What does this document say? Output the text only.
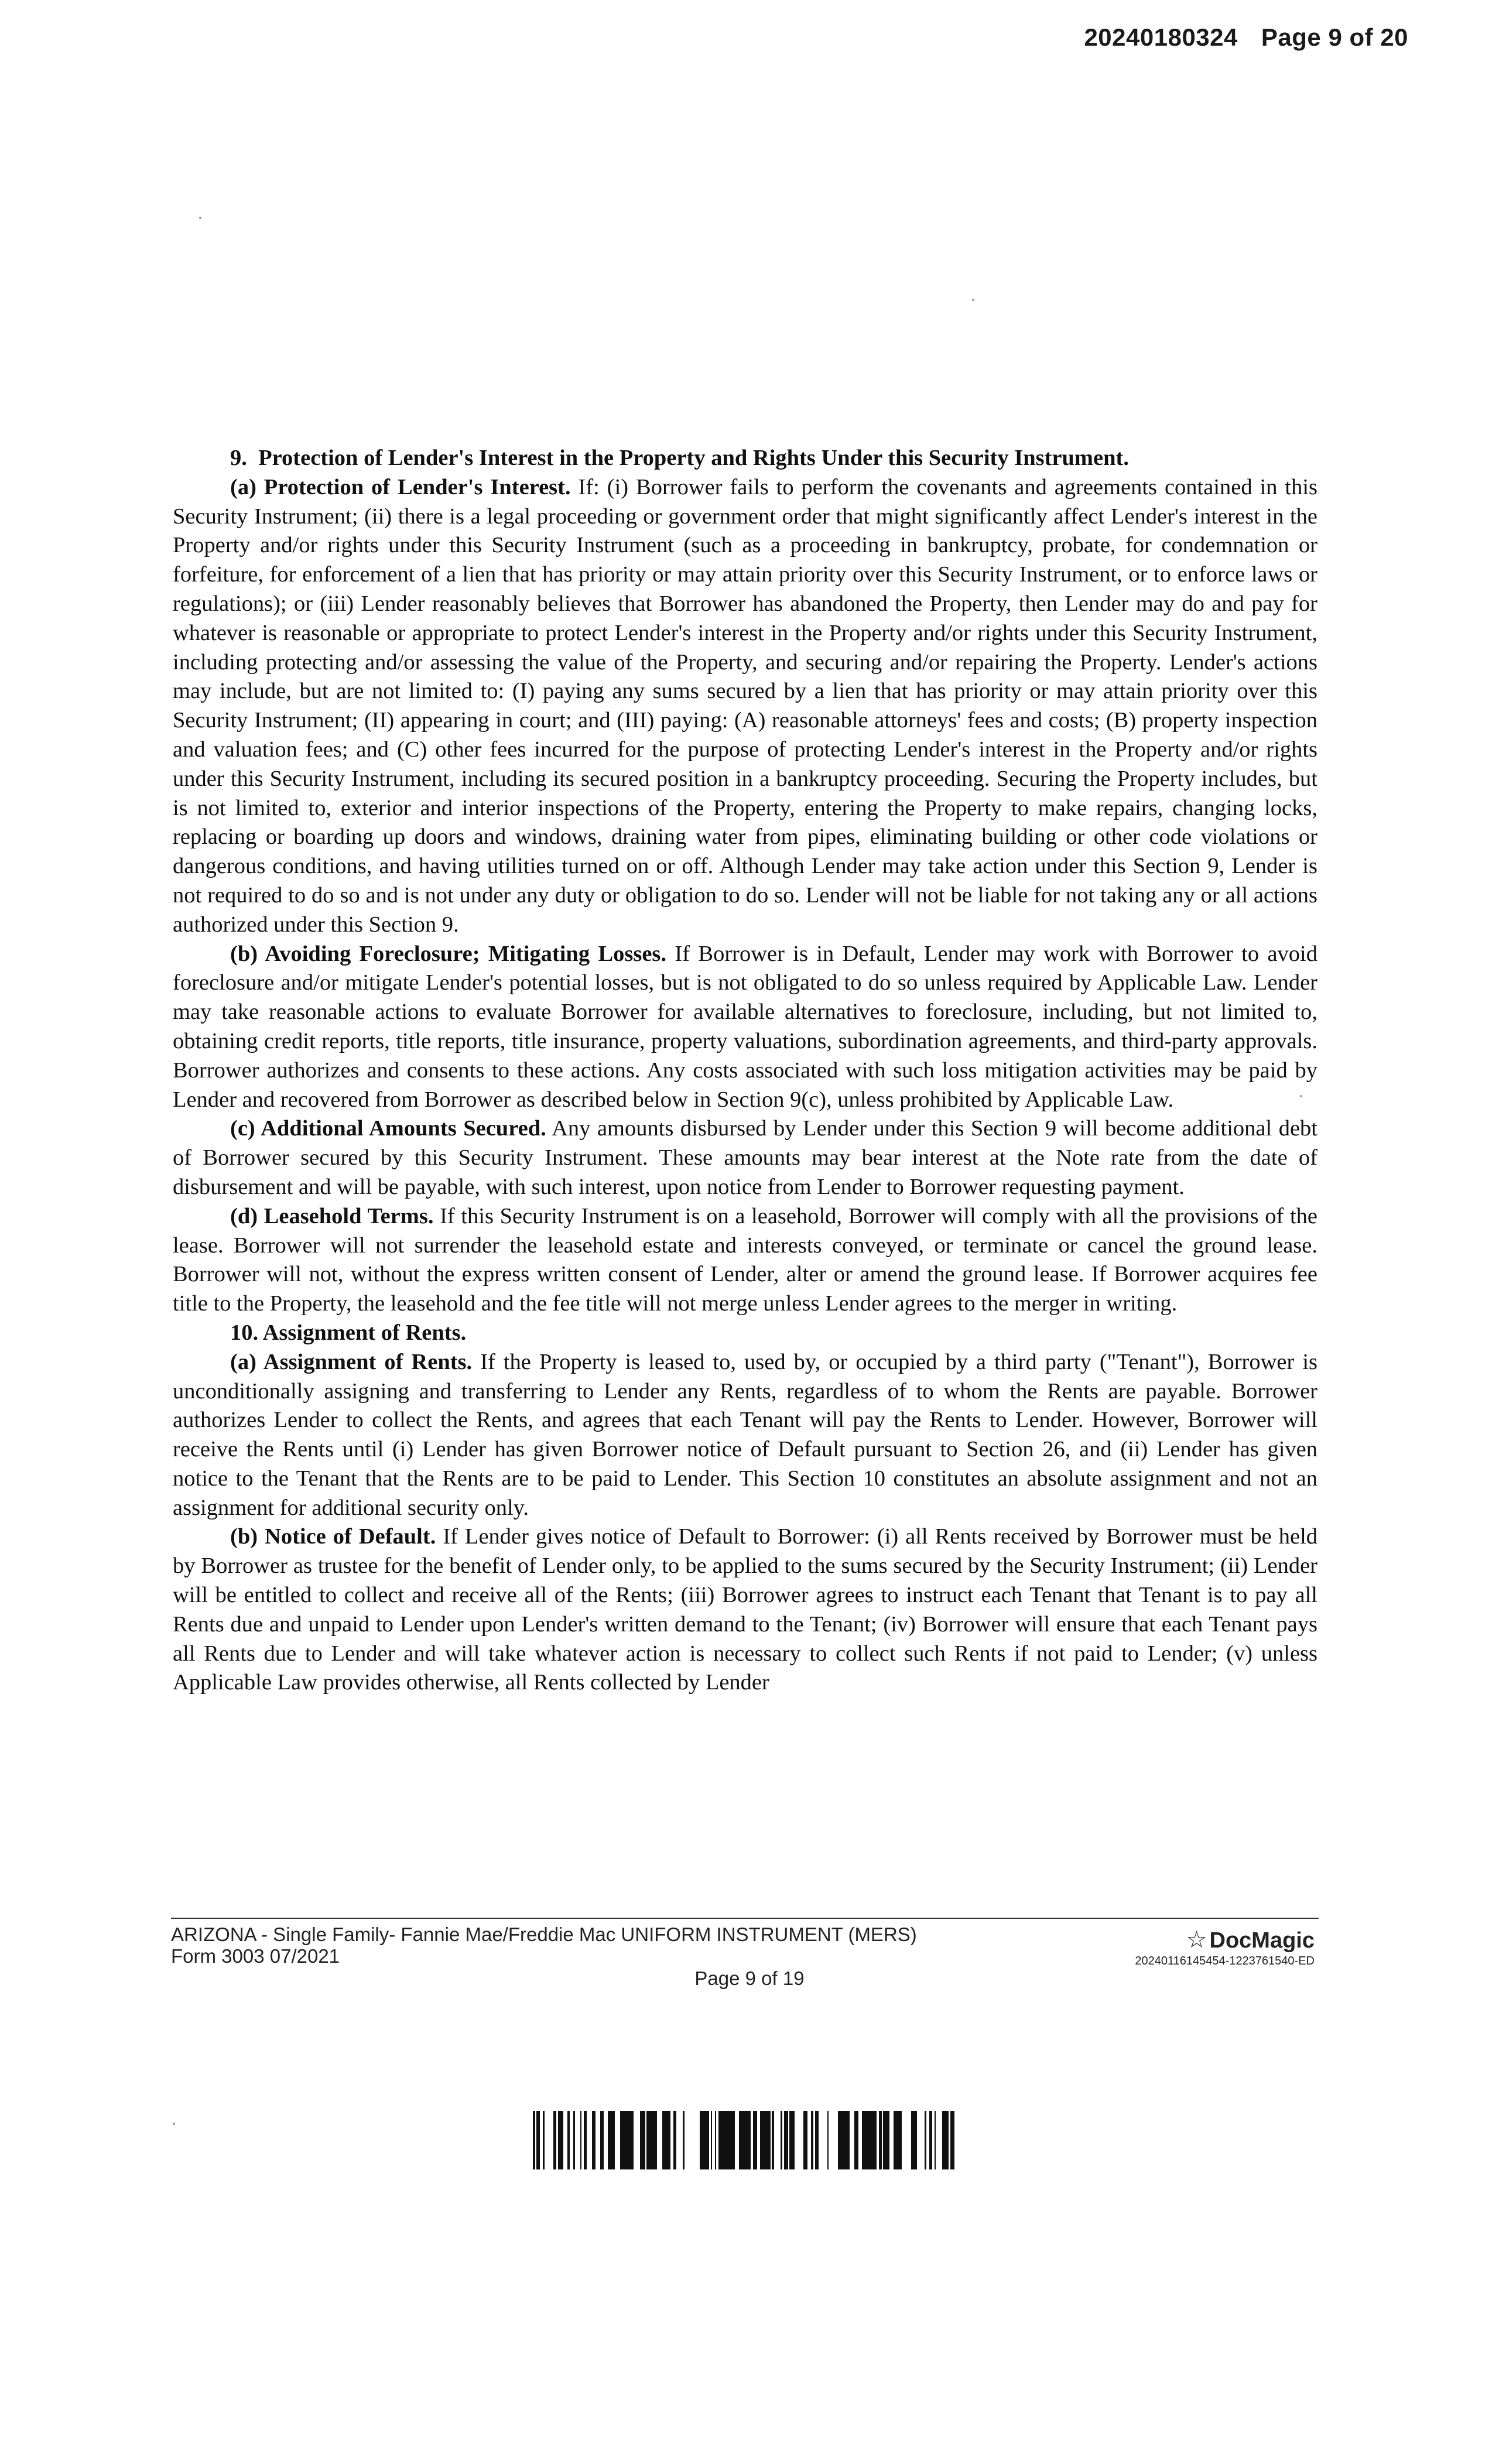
20240180324 Page 9 of 20

9. Protection of Lender's Interest in the Property and Rights Under this Security Instrument.

(a) Protection of Lender's Interest. If: (i) Borrower fails to perform the covenants and agreements contained in this Security Instrument; (ii) there is a legal proceeding or government order that might significantly affect Lender's interest in the Property and/or rights under this Security Instrument (such as a proceeding in bankruptcy, probate, for condemnation or forfeiture, for enforcement of a lien that has priority or may attain priority over this Security Instrument, or to enforce laws or regulations); or (iii) Lender reasonably believes that Borrower has abandoned the Property, then Lender may do and pay for whatever is reasonable or appropriate to protect Lender's interest in the Property and/or rights under this Security Instrument, including protecting and/or assessing the value of the Property, and securing and/or repairing the Property. Lender's actions may include, but are not limited to: (I) paying any sums secured by a lien that has priority or may attain priority over this Security Instrument; (II) appearing in court; and (III) paying: (A) reasonable attorneys' fees and costs; (B) property inspection and valuation fees; and (C) other fees incurred for the purpose of protecting Lender's interest in the Property and/or rights under this Security Instrument, including its secured position in a bankruptcy proceeding. Securing the Property includes, but is not limited to, exterior and interior inspections of the Property, entering the Property to make repairs, changing locks, replacing or boarding up doors and windows, draining water from pipes, eliminating building or other code violations or dangerous conditions, and having utilities turned on or off. Although Lender may take action under this Section 9, Lender is not required to do so and is not under any duty or obligation to do so. Lender will not be liable for not taking any or all actions authorized under this Section 9.

(b) Avoiding Foreclosure; Mitigating Losses. If Borrower is in Default, Lender may work with Borrower to avoid foreclosure and/or mitigate Lender's potential losses, but is not obligated to do so unless required by Applicable Law. Lender may take reasonable actions to evaluate Borrower for available alternatives to foreclosure, including, but not limited to, obtaining credit reports, title reports, title insurance, property valuations, subordination agreements, and third-party approvals. Borrower authorizes and consents to these actions. Any costs associated with such loss mitigation activities may be paid by Lender and recovered from Borrower as described below in Section 9(c), unless prohibited by Applicable Law.

(c) Additional Amounts Secured. Any amounts disbursed by Lender under this Section 9 will become additional debt of Borrower secured by this Security Instrument. These amounts may bear interest at the Note rate from the date of disbursement and will be payable, with such interest, upon notice from Lender to Borrower requesting payment.

(d) Leasehold Terms. If this Security Instrument is on a leasehold, Borrower will comply with all the provisions of the lease. Borrower will not surrender the leasehold estate and interests conveyed, or terminate or cancel the ground lease. Borrower will not, without the express written consent of Lender, alter or amend the ground lease. If Borrower acquires fee title to the Property, the leasehold and the fee title will not merge unless Lender agrees to the merger in writing.

10. Assignment of Rents.

(a) Assignment of Rents. If the Property is leased to, used by, or occupied by a third party ("Tenant"), Borrower is unconditionally assigning and transferring to Lender any Rents, regardless of to whom the Rents are payable. Borrower authorizes Lender to collect the Rents, and agrees that each Tenant will pay the Rents to Lender. However, Borrower will receive the Rents until (i) Lender has given Borrower notice of Default pursuant to Section 26, and (ii) Lender has given notice to the Tenant that the Rents are to be paid to Lender. This Section 10 constitutes an absolute assignment and not an assignment for additional security only.

(b) Notice of Default. If Lender gives notice of Default to Borrower: (i) all Rents received by Borrower must be held by Borrower as trustee for the benefit of Lender only, to be applied to the sums secured by the Security Instrument; (ii) Lender will be entitled to collect and receive all of the Rents; (iii) Borrower agrees to instruct each Tenant that Tenant is to pay all Rents due and unpaid to Lender upon Lender's written demand to the Tenant; (iv) Borrower will ensure that each Tenant pays all Rents due to Lender and will take whatever action is necessary to collect such Rents if not paid to Lender; (v) unless Applicable Law provides otherwise, all Rents collected by Lender

ARIZONA - Single Family- Fannie Mae/Freddie Mac UNIFORM INSTRUMENT (MERS)
Form 3003 07/2021
Page 9 of 19
☆ DocMagic
20240116145454-1223761540-ED
